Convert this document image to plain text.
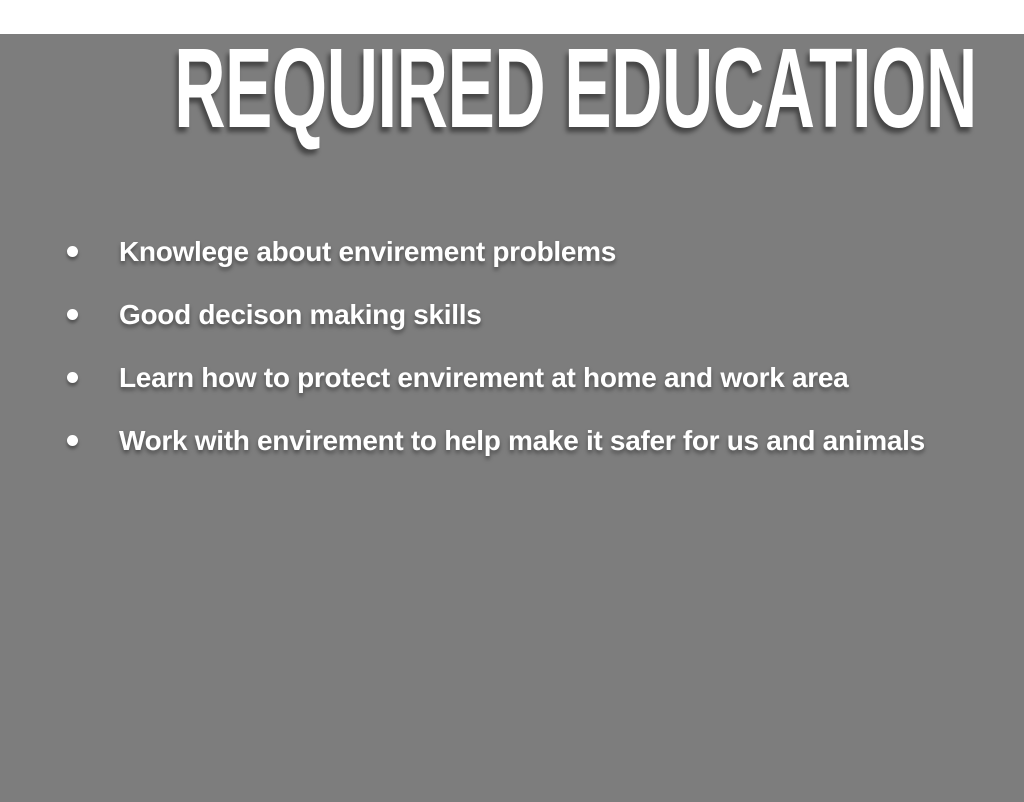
REQUIRED EDUCATION
Knowlege about envirement problems
Good decison making skills
Learn how to protect envirement at home and work area
Work with envirement to help make it safer for us and animals
